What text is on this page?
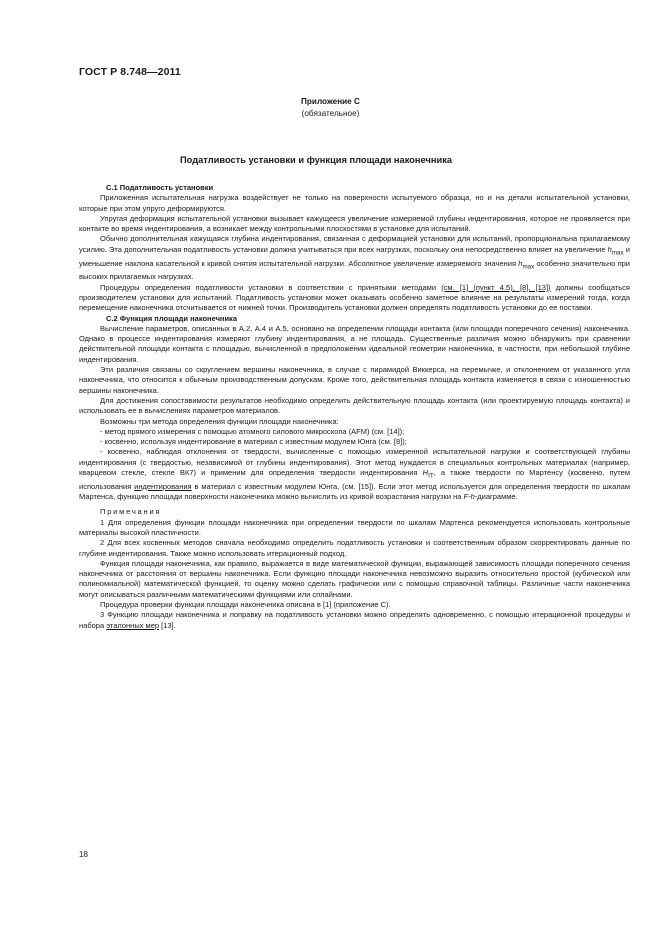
ГОСТ Р 8.748—2011
Приложение С
(обязательное)
Податливость установки и функция площади наконечника

С.1 Податливость установки

Приложенная испытательная нагрузка воздействует не только на поверхности испытуемого образца, но и на детали испытательной установки, которые при этом упруго деформируются.

Упругая деформация испытательной установки вызывает кажущееся увеличение измеряемой глубины индентирования, которое не проявляется при контакте во время индентирования, а возникает между контрольными плоскостями в установке для испытаний.

Обычно дополнительная кажущаяся глубина индентирования, связанная с деформацией установки для испытаний, пропорциональна прилагаемому усилию. Эта дополнительная податливость установки должна учитываться при всех нагрузках, поскольку она непосредственно влияет на увеличение $h_{max}$ и уменьшение наклона касательной к кривой снятия испытательной нагрузки. Абсолютное увеличение измеряемого значения $h_{max}$ особенно значительно при высоких прилагаемых нагрузках.

Процедуры определения податливости установки в соответствии с принятыми методами (см. [1] (пункт 4.5), [8], [13]) должны сообщаться производителем установки для испытаний. Податливость установки может оказывать особенно заметное влияние на результаты измерений тогда, когда перемещение наконечника отсчитывается от нижней точки. Производитель установки должен определять податливость установки до ее поставки.

С.2 Функция площади наконечника

Вычисление параметров, описанных в А.2, А.4 и А.5, основано на определении площади контакта (или площади поперечного сечения) наконечника. Однако в процессе индентирования измеряют глубину индентирования, а не площадь. Существенные различия можно обнаружить при сравнении действительной площади контакта с площадью, вычисленной в предположении идеальной геометрии наконечника, в частности, при небольшой глубине индентирования.

Эти различия связаны со скруглением вершины наконечника, в случае с пирамидой Виккерса, на перемычке, и отклонением от указанного угла наконечника, что относится к обычным производственным допускам. Кроме того, действительная площадь контакта изменяется в связи с изношенностью вершины наконечника.

Для достижения сопоставимости результатов необходимо определить действительную площадь контакта (или проектируемую площадь контакта) и использовать ее в вычислениях параметров материалов.

Возможны три метода определения функции площади наконечника:

- метод прямого измерения с помощью атомного силового микроскопа (AFM) (см. [14]);

- косвенно, используя индентирование в материал с известным модулем Юнга (см. [8]);

- косвенно, наблюдая отклонения от твердости, вычисленные с помощью измеренной испытательной нагрузки и соответствующей глубины индентирования (с твердостью, независимой от глубины индентирования). Этот метод нуждается в специальных контрольных материалах (например, кварцевом стекле, стекле ВК7) и применим для определения твердости индентирования $H_{IT}$, а также твердости по Мартенсу (косвенно, путем использования индентирования в материал с известным модулем Юнга, (см. [15]). Если этот метод используется для определения твердости по шкалам Мартенса, функцию площади поверхности наконечника можно вычислить из кривой возрастания нагрузки на F-h-диаграмме.

Примечания

1 Для определения функции площади наконечника при определении твердости по шкалам Мартенса рекомендуется использовать контрольные материалы высокой пластичности.

2 Для всех косвенных методов сначала необходимо определить податливость установки и соответственным образом скорректировать данные по глубине индентирования. Также можно использовать итерационный подход.

Функция площади наконечника, как правило, выражается в виде математической функции, выражающей зависимость площади поперечного сечения наконечника от расстояния от вершины наконечника. Если функцию площади наконечника невозможно выразить относительно простой (кубической или полиномиальной) математической функцией, то оценку можно сделать графически или с помощью справочной таблицы. Различные части наконечника могут описываться различными математическими функциями или сплайнами.

Процедура проверки функции площади наконечника описана в [1] (приложение С).

3 Функцию площади наконечника и поправку на податливость установки можно определять одновременно, с помощью итерационной процедуры и набора эталонных мер [13].

18
